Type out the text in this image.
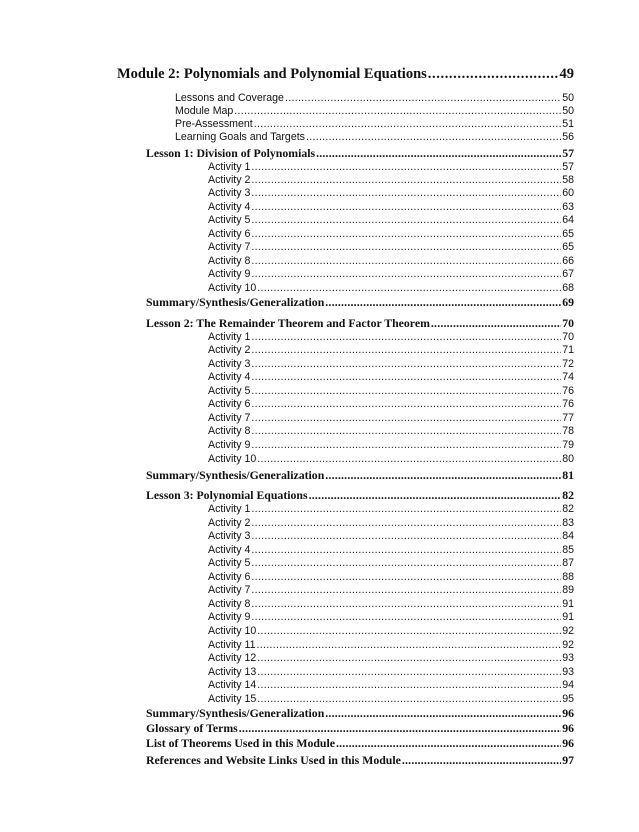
Module 2: Polynomials and Polynomial Equations .....	49
Lessons and Coverage .....	50
Module Map .....	50
Pre-Assessment .....	51
Learning Goals and Targets .....	56
Lesson 1: Division of Polynomials .....	57
Activity 1 .....	57
Activity 2 .....	58
Activity 3 .....	60
Activity 4 .....	63
Activity 5 .....	64
Activity 6 .....	65
Activity 7 .....	65
Activity 8 .....	66
Activity 9 .....	67
Activity 10 .....	68
Summary/Synthesis/Generalization .....	69
Lesson 2: The Remainder Theorem and Factor Theorem .....	70
Activity 1 .....	70
Activity 2 .....	71
Activity 3 .....	72
Activity 4 .....	74
Activity 5 .....	76
Activity 6 .....	76
Activity 7 .....	77
Activity 8 .....	78
Activity 9 .....	79
Activity 10 .....	80
Summary/Synthesis/Generalization .....	81
Lesson 3: Polynomial Equations .....	82
Activity 1 .....	82
Activity 2 .....	83
Activity 3 .....	84
Activity 4 .....	85
Activity 5 .....	87
Activity 6 .....	88
Activity 7 .....	89
Activity 8 .....	91
Activity 9 .....	91
Activity 10 .....	92
Activity 11 .....	92
Activity 12 .....	93
Activity 13 .....	93
Activity 14 .....	94
Activity 15 .....	95
Summary/Synthesis/Generalization .....	96
Glossary of Terms .....	96
List of Theorems Used in this Module .....	96
References and Website Links Used in this Module .....	97
